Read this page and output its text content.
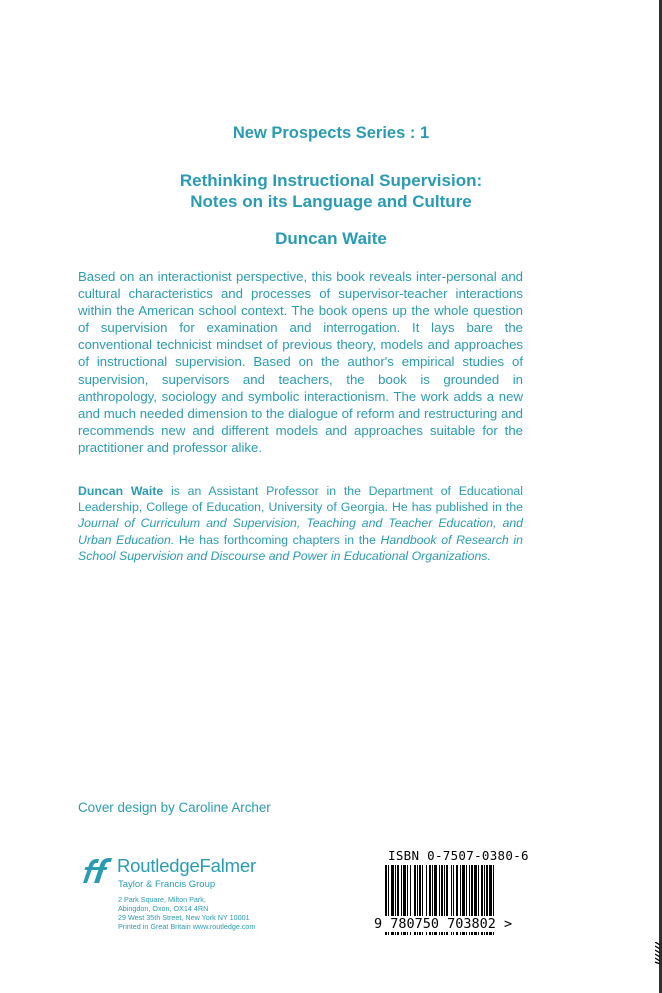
New Prospects Series : 1
Rethinking Instructional Supervision:
Notes on its Language and Culture
Duncan Waite
Based on an interactionist perspective, this book reveals inter-personal and cultural characteristics and processes of supervisor-teacher interactions within the American school context. The book opens up the whole question of supervision for examination and interrogation. It lays bare the conventional technicist mindset of previous theory, models and approaches of instructional supervision. Based on the author's empirical studies of supervision, supervisors and teachers, the book is grounded in anthropology, sociology and symbolic interactionism. The work adds a new and much needed dimension to the dialogue of reform and restructuring and recommends new and different models and approaches suitable for the practitioner and professor alike.
Duncan Waite is an Assistant Professor in the Department of Educational Leadership, College of Education, University of Georgia. He has published in the Journal of Curriculum and Supervision, Teaching and Teacher Education, and Urban Education. He has forthcoming chapters in the Handbook of Research in School Supervision and Discourse and Power in Educational Organizations.
Cover design by Caroline Archer
RoutledgeFalmer
Taylor & Francis Group
2 Park Square, Milton Park,
Abingdon, Oxon, OX14 4RN
29 West 35th Street, New York NY 10001
Printed in Great Britain www.routledge.com
ISBN 0-7507-0380-6
9 780750 703802 >
